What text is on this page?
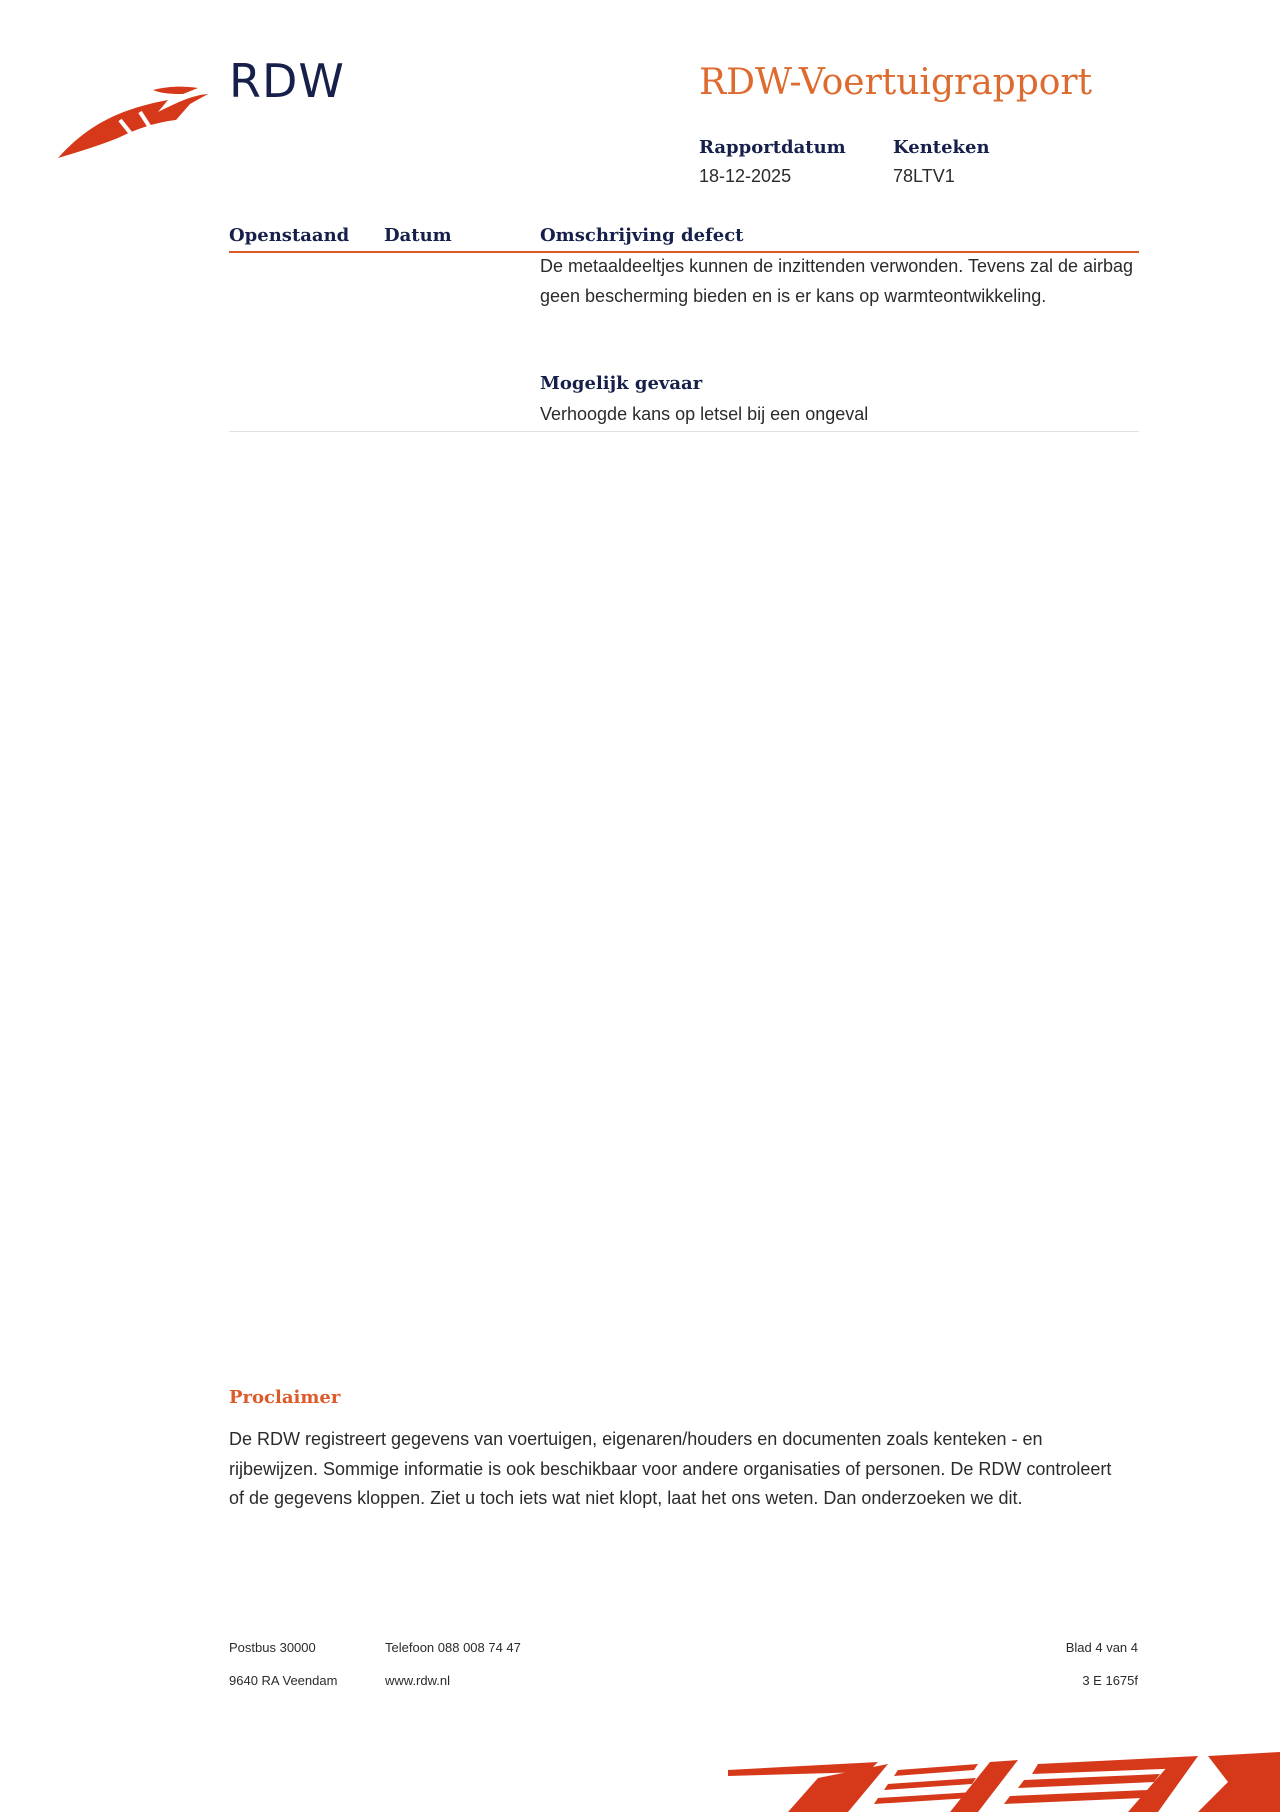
RDW	RDW-Voertuigrapport
Rapportdatum
18-12-2025
Kenteken
78LTV1
Openstaand Datum	Omschrijving defect
De metaaldeeltjes kunnen de inzittenden verwonden. Tevens zal de airbag geen bescherming bieden en is er kans op warmteontwikkeling.
Mogelijk gevaar
Verhoogde kans op letsel bij een ongeval
Proclaimer
De RDW registreert gegevens van voertuigen, eigenaren/houders en documenten zoals kenteken - en rijbewijzen. Sommige informatie is ook beschikbaar voor andere organisaties of personen. De RDW controleert of de gegevens kloppen. Ziet u toch iets wat niet klopt, laat het ons weten. Dan onderzoeken we dit.
Postbus 30000
9640 RA Veendam
Telefoon 088 008 74 47
www.rdw.nl
Blad 4 van 4
3 E 1675f
